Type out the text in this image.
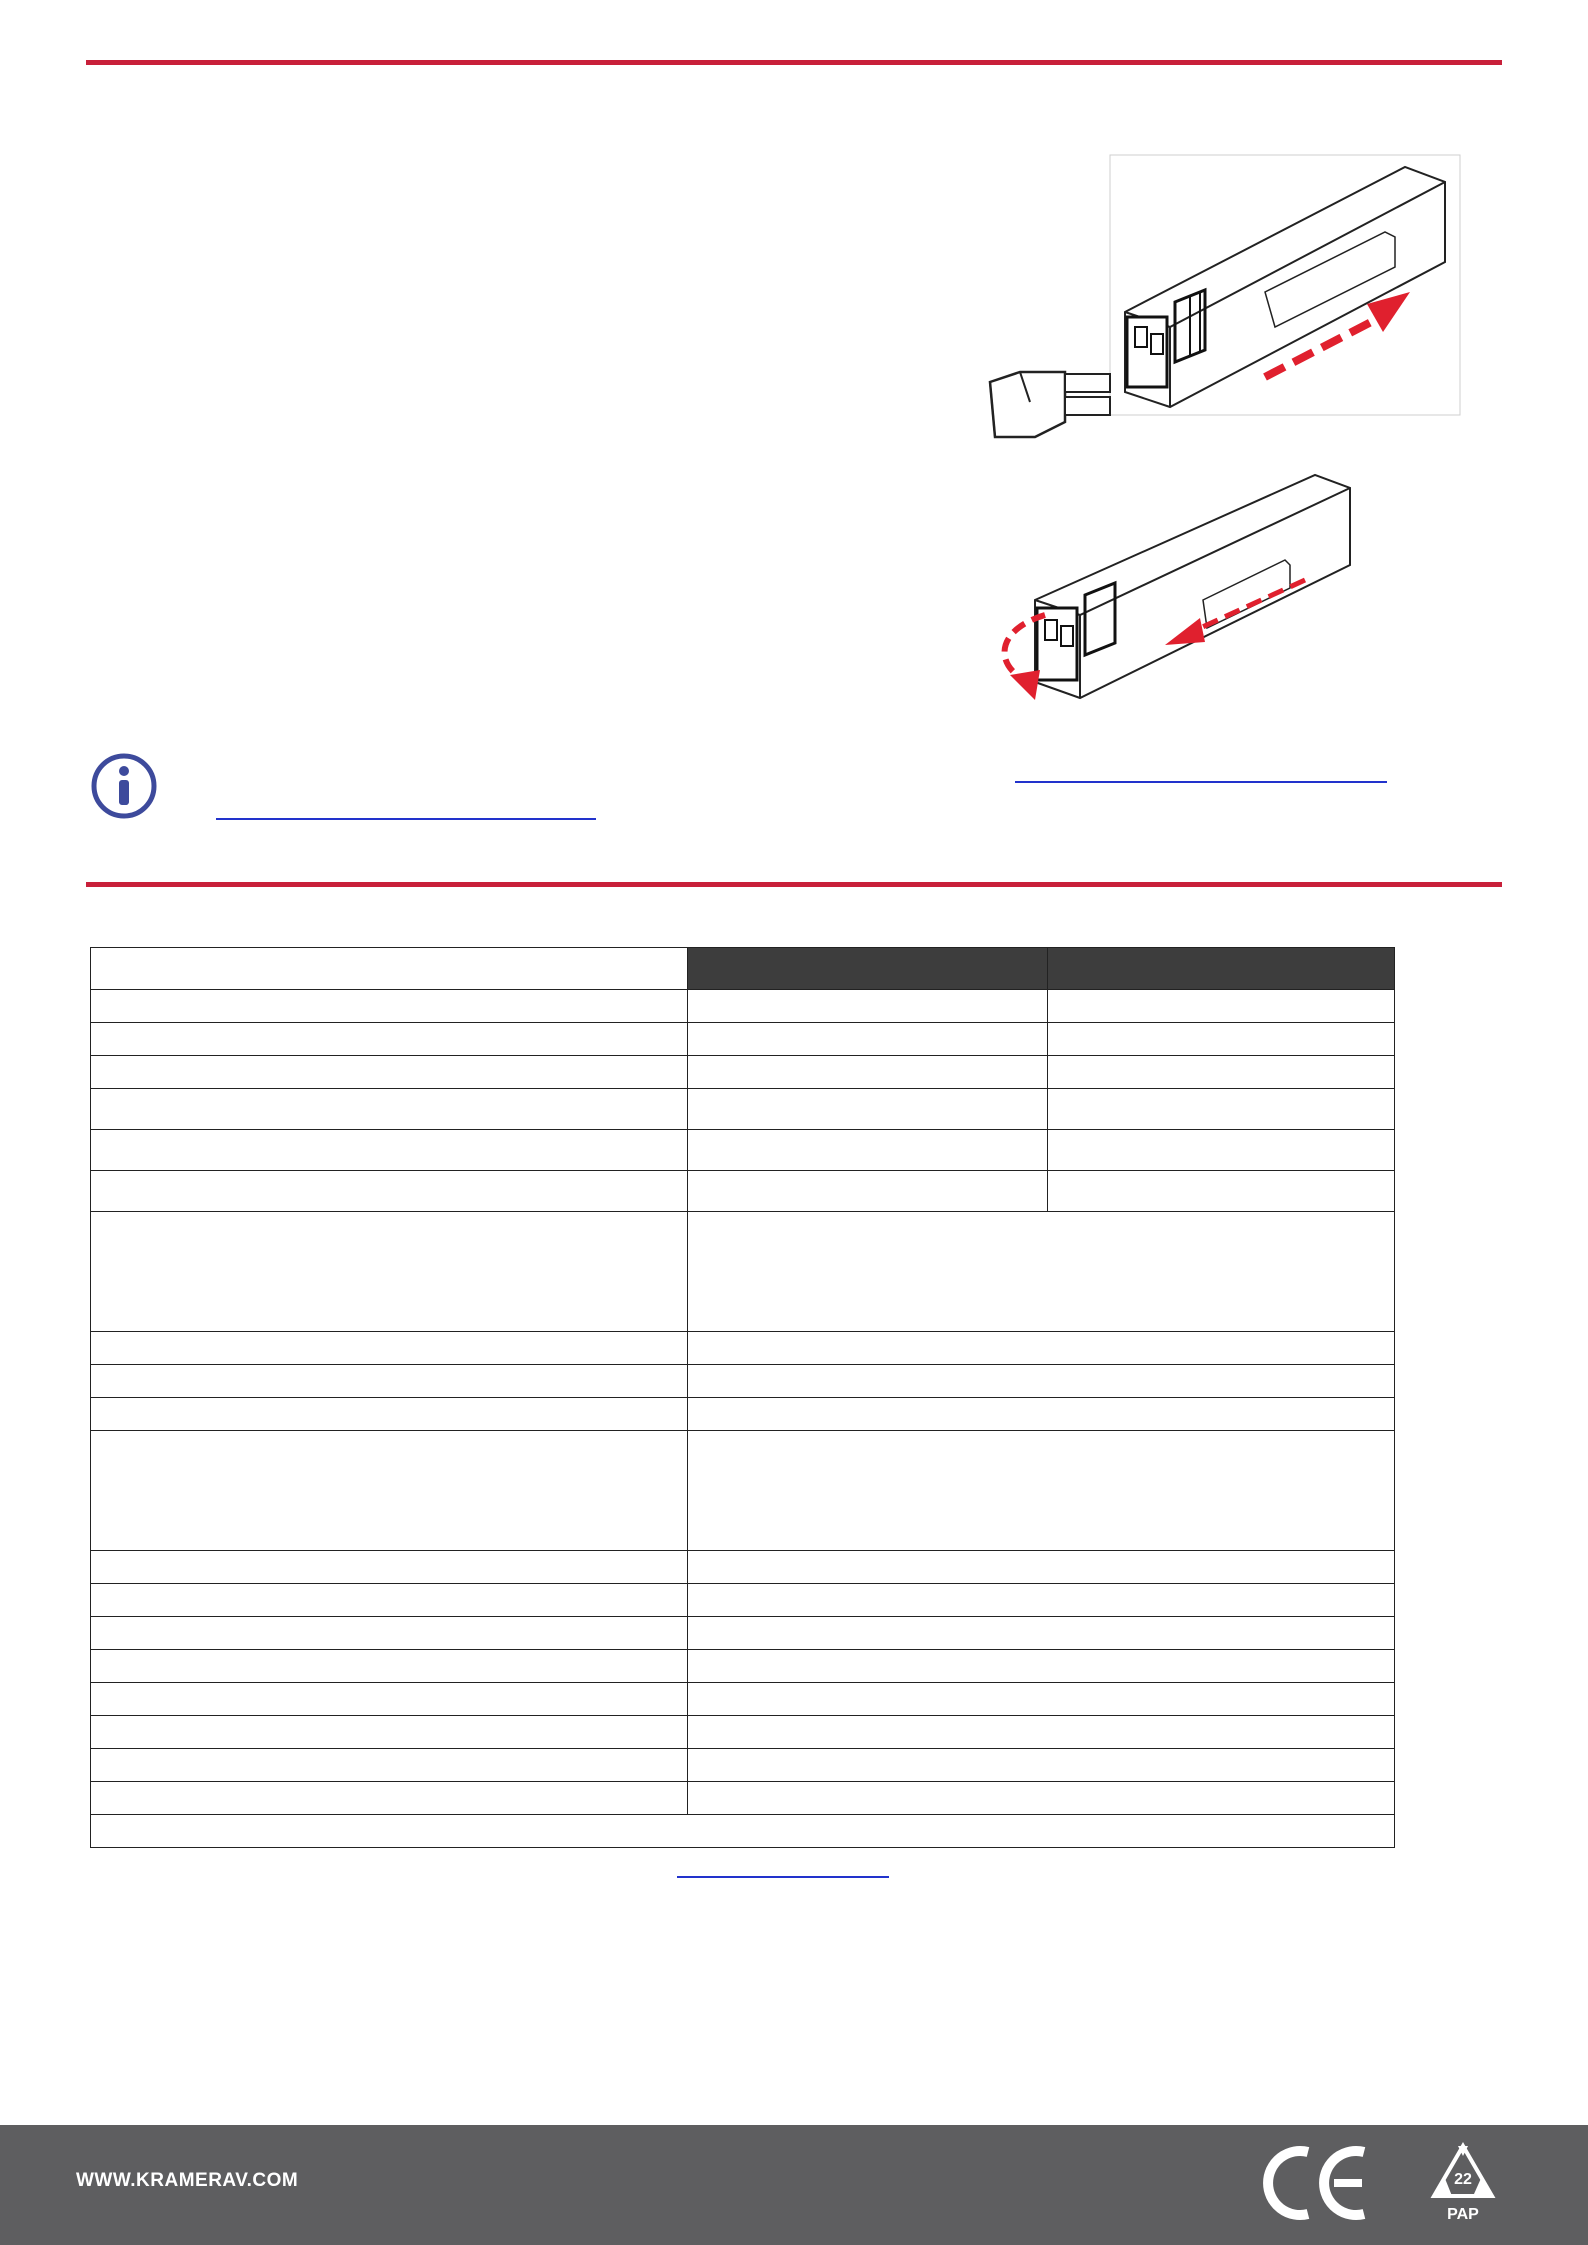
WWW.KRAMERAV.COM	22
PAP
